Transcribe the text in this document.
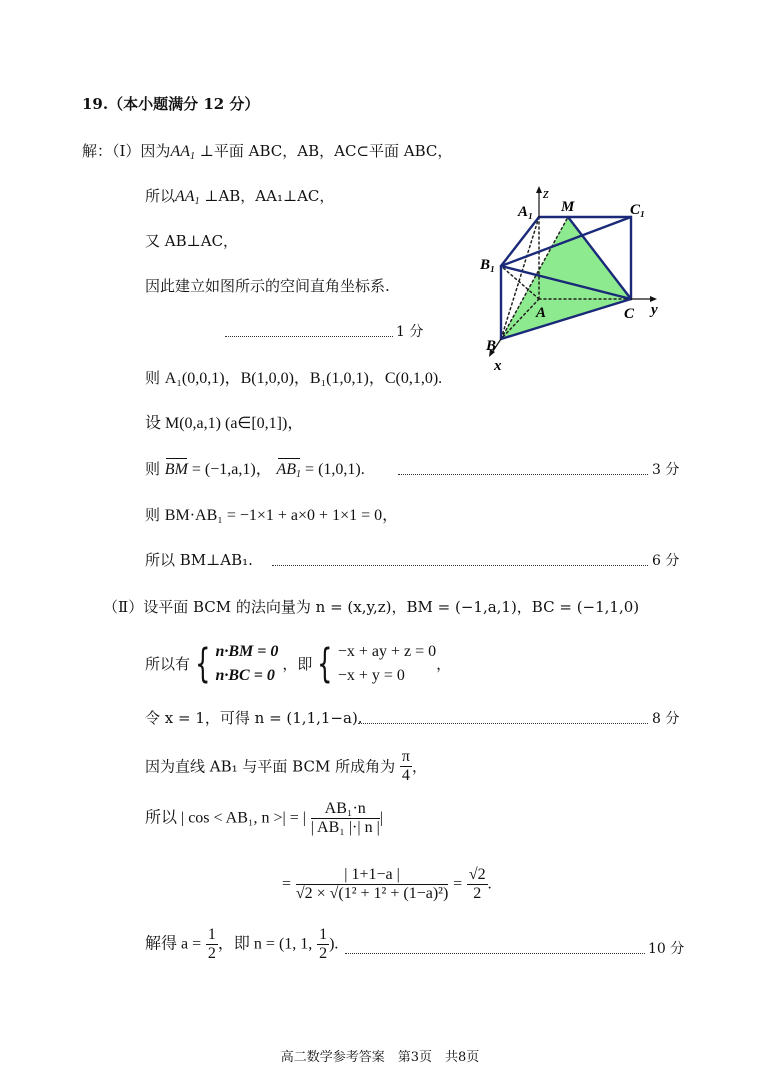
19.（本小题满分 12 分）
解：（Ⅰ）因为$AA_1$ ⊥平面 ABC，AB，AC⊂平面 ABC，
所以$AA_1$ ⊥AB，AA₁⊥AC，
又 AB⊥AC，
因此建立如图所示的空间直角坐标系.
1 分
则 A₁(0,0,1)，B(1,0,0)，B₁(1,0,1)，C(0,1,0).
设 M(0,a,1) (a∈[0,1])，
则 BM = (−1,a,1)， $AB_1 = (1,0,1)$.	3 分
则 BM·AB₁ = −1×1 + a×0 + 1×1 = 0，
所以 BM⊥AB₁.	6 分
（Ⅱ）设平面 BCM 的法向量为 n = (x,y,z)，BM = (−1,a,1)，BC = (−1,1,0)
所以有 { n·BM = 0
n·BC = 0
，即 { −x + ay + z = 0
−x + y = 0
，
令 x = 1，可得 n = (1,1,1−a).	8 分
因为直线 AB₁ 与平面 BCM 所成角为 $\frac{\pi}{4}$ ，
所以 | cos < AB₁, n >| = | $\frac{\text{AB₁·n}}{\text{| AB₁ |·| n |}}$ |
= $\frac{| 1+1-a |}{\text{√2 × √(1² + 1² + (1−a)²)}} = \frac{√2}{2}$ .
解得 $a = \frac{1}{2}$ ，即 n = (1, 1, $\frac{1}{2}$ ).	10 分
z
M
A₁	C₁
B₁
A	C y
B
x
高二数学参考答案　第3页　共8页
